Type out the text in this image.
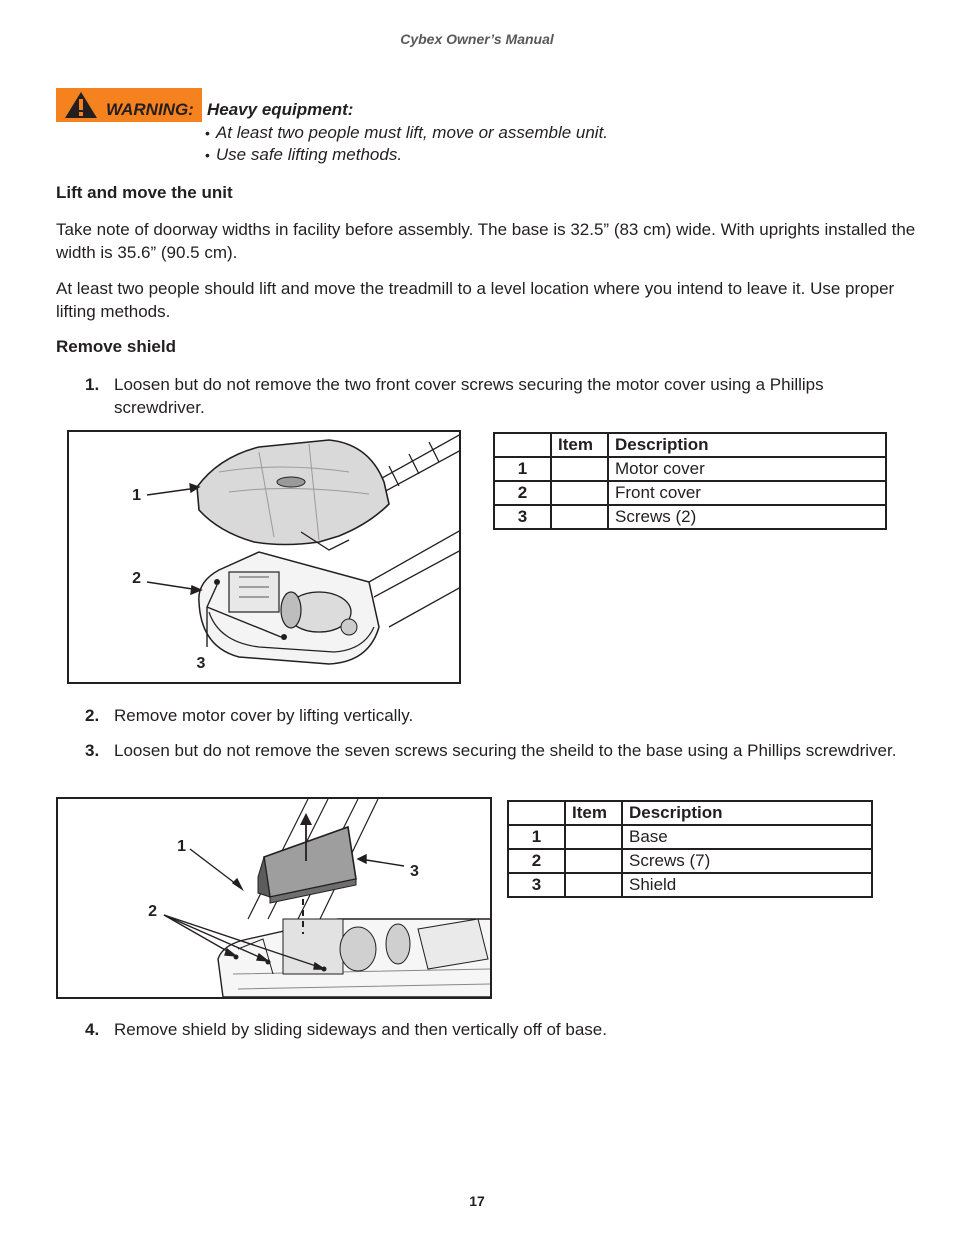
Cybex Owner’s Manual
WARNING: Heavy equipment:
• At least two people must lift, move or assemble unit.
• Use safe lifting methods.
Lift and move the unit
Take note of doorway widths in facility before assembly. The base is 32.5” (83 cm) wide. With uprights installed the width is 35.6” (90.5 cm).
At least two people should lift and move the treadmill to a level location where you intend to leave it. Use proper lifting methods.
Remove shield
1. Loosen but do not remove the two front cover screws securing the motor cover using a Phillips screwdriver.
1
2
3
	Item	Description
1		Motor cover
2		Front cover
3		Screws (2)
2. Remove motor cover by lifting vertically.
3. Loosen but do not remove the seven screws securing the sheild to the base using a Phillips screwdriver.
1
2
3
	Item	Description
1		Base
2		Screws (7)
3		Shield
4. Remove shield by sliding sideways and then vertically off of base.
17
